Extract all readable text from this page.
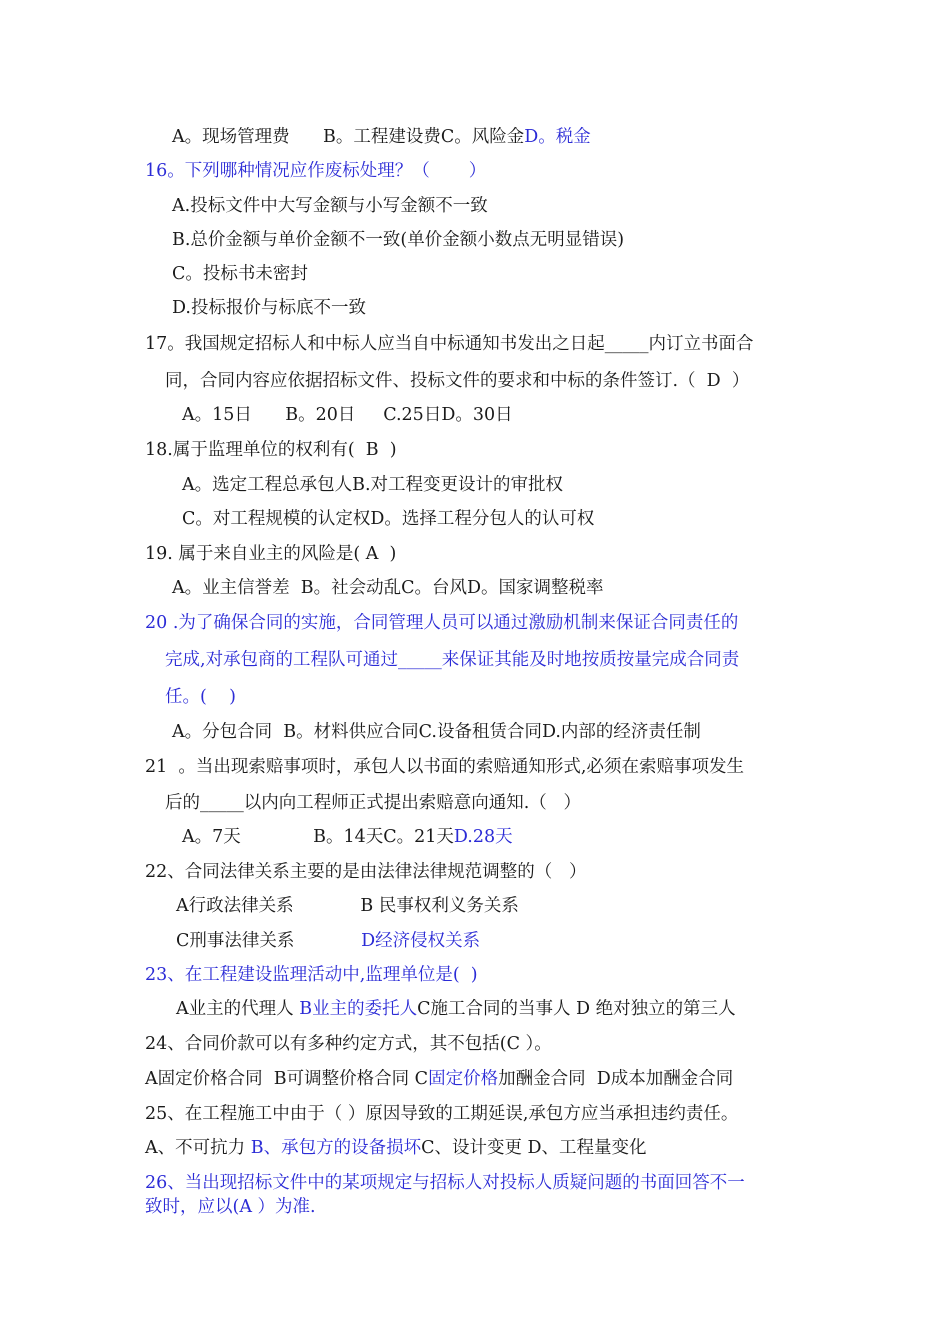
A。现场管理费      B。工程建设费C。风险金D。税金
16。下列哪种情况应作废标处理？（       ）
A.投标文件中大写金额与小写金额不一致
B.总价金额与单价金额不一致(单价金额小数点无明显错误)
C。投标书未密封
D.投标报价与标底不一致
17。我国规定招标人和中标人应当自中标通知书发出之日起_____内订立书面合
同，合同内容应依据招标文件、投标文件的要求和中标的条件签订.（  D  ）
A。15日      B。20日     C.25日D。30日
18.属于监理单位的权利有(  B  )
A。选定工程总承包人B.对工程变更设计的审批权
C。对工程规模的认定权D。选择工程分包人的认可权
19. 属于来自业主的风险是( A  )
A。业主信誉差  B。社会动乱C。台风D。国家调整税率
20 .为了确保合同的实施，合同管理人员可以通过激励机制来保证合同责任的
完成,对承包商的工程队可通过_____来保证其能及时地按质按量完成合同责
任。(    )
A。分包合同  B。材料供应合同C.设备租赁合同D.内部的经济责任制
21  。当出现索赔事项时，承包人以书面的索赔通知形式,必须在索赔事项发生
后的_____以内向工程师正式提出索赔意向通知.（   ）
A。7天             B。14天C。21天D.28天
22、合同法律关系主要的是由法律法律规范调整的（   ）
A行政法律关系            B 民事权利义务关系
C刑事法律关系            D经济侵权关系
23、在工程建设监理活动中,监理单位是(  )
A业主的代理人 B业主的委托人C施工合同的当事人 D 绝对独立的第三人
24、合同价款可以有多种约定方式，其不包括(C ）。
A固定价格合同  B可调整价格合同 C固定价格加酬金合同  D成本加酬金合同
25、在工程施工中由于（ ）原因导致的工期延误,承包方应当承担违约责任。
A、不可抗力 B、承包方的设备损坏C、设计变更 D、工程量变化
26、当出现招标文件中的某项规定与招标人对投标人质疑问题的书面回答不一
致时，应以(A ）为准.
